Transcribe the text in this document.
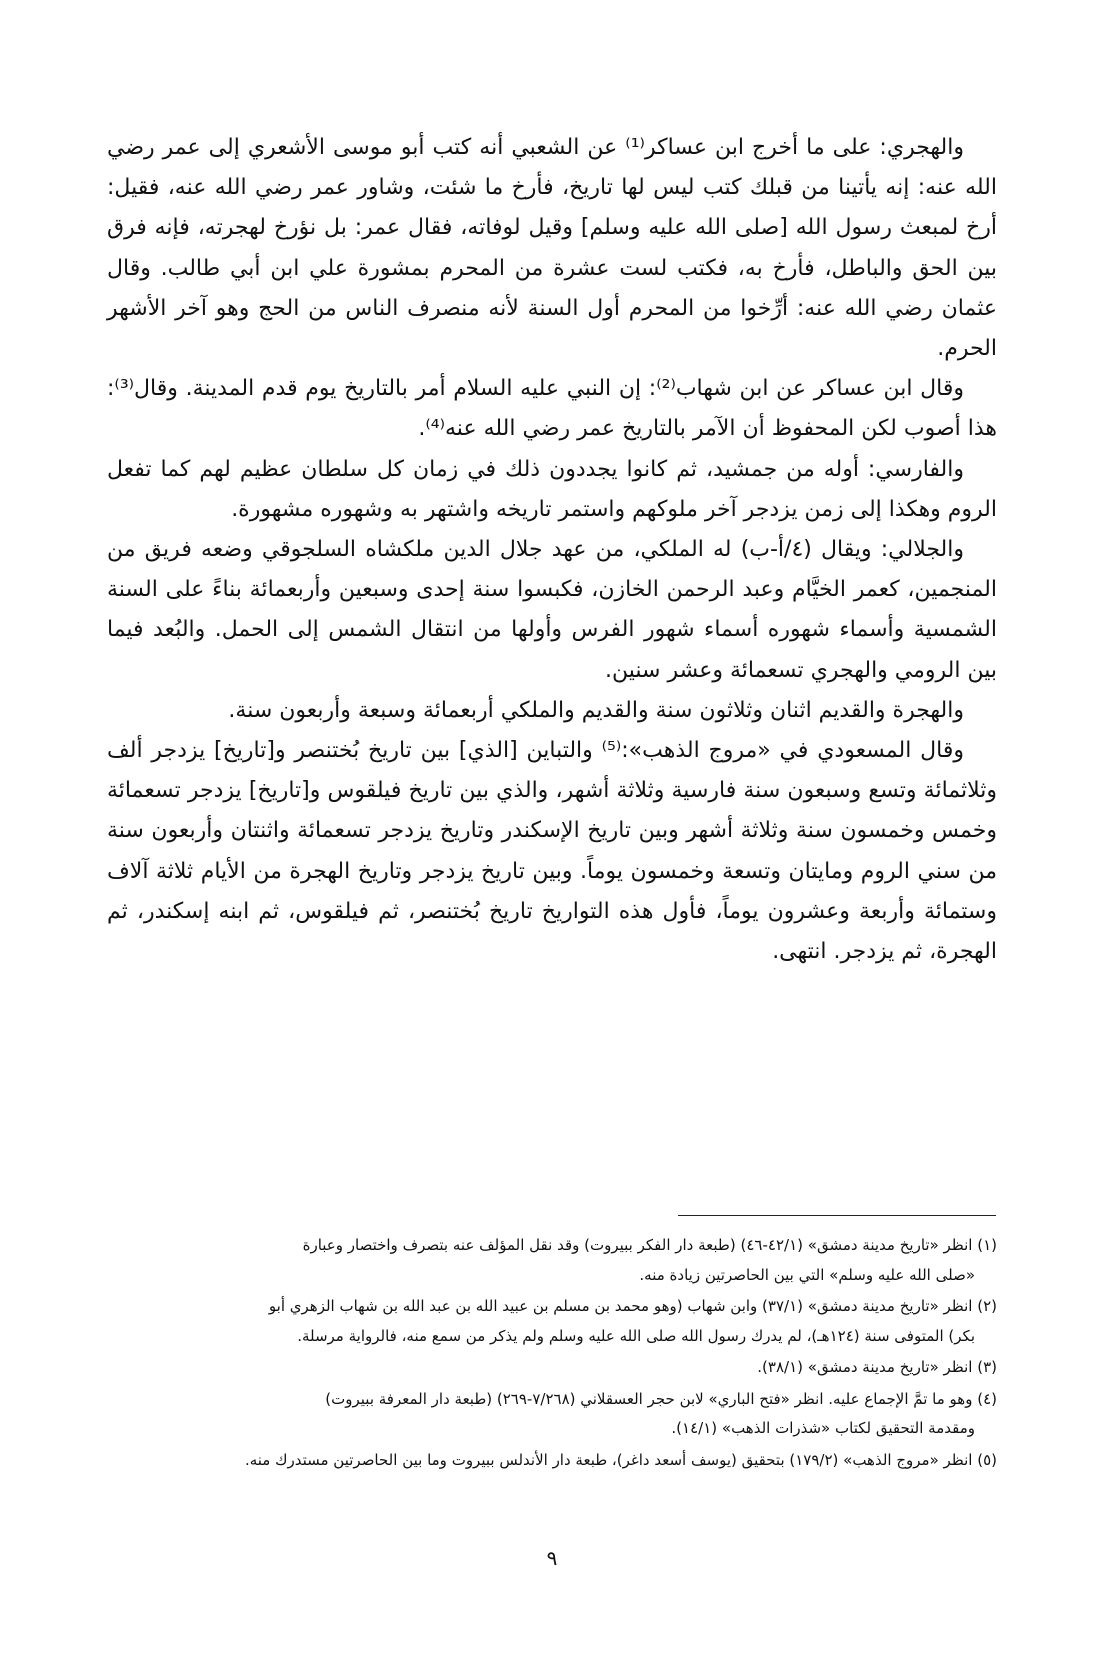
والهجري: على ما أخرج ابن عساكر⁽¹⁾ عن الشعبي أنه كتب أبو موسى الأشعري إلى عمر رضي الله عنه: إنه يأتينا من قبلك كتب ليس لها تاريخ، فأرخ ما شئت، وشاور عمر رضي الله عنه، فقيل: أرخ لمبعث رسول الله [صلى الله عليه وسلم] وقيل لوفاته، فقال عمر: بل نؤرخ لهجرته، فإنه فرق بين الحق والباطل، فأرخ به، فكتب لست عشرة من المحرم بمشورة علي ابن أبي طالب. وقال عثمان رضي الله عنه: أرِّخوا من المحرم أول السنة لأنه منصرف الناس من الحج وهو آخر الأشهر الحرم.

وقال ابن عساكر عن ابن شهاب⁽²⁾: إن النبي عليه السلام أمر بالتاريخ يوم قدم المدينة. وقال⁽³⁾: هذا أصوب لكن المحفوظ أن الآمر بالتاريخ عمر رضي الله عنه⁽⁴⁾.

والفارسي: أوله من جمشيد، ثم كانوا يجددون ذلك في زمان كل سلطان عظيم لهم كما تفعل الروم وهكذا إلى زمن يزدجر آخر ملوكهم واستمر تاريخه واشتهر به وشهوره مشهورة.

والجلالي: ويقال (٤/أ-ب) له الملكي، من عهد جلال الدين ملكشاه السلجوقي وضعه فريق من المنجمين، كعمر الخيَّام وعبد الرحمن الخازن، فكبسوا سنة إحدى وسبعين وأربعمائة بناءً على السنة الشمسية وأسماء شهوره أسماء شهور الفرس وأولها من انتقال الشمس إلى الحمل. والبُعد فيما بين الرومي والهجري تسعمائة وعشر سنين.

والهجرة والقديم اثنان وثلاثون سنة والقديم والملكي أربعمائة وسبعة وأربعون سنة.

وقال المسعودي في «مروج الذهب»:⁽⁵⁾ والتباين [الذي] بين تاريخ بُختنصر و[تاريخ] يزدجر ألف وثلاثمائة وتسع وسبعون سنة فارسية وثلاثة أشهر، والذي بين تاريخ فيلقوس و[تاريخ] يزدجر تسعمائة وخمس وخمسون سنة وثلاثة أشهر وبين تاريخ الإسكندر وتاريخ يزدجر تسعمائة واثنتان وأربعون سنة من سني الروم ومايتان وتسعة وخمسون يوماً. وبين تاريخ يزدجر وتاريخ الهجرة من الأيام ثلاثة آلاف وستمائة وأربعة وعشرون يوماً، فأول هذه التواريخ تاريخ بُختنصر، ثم فيلقوس، ثم ابنه إسكندر، ثم الهجرة، ثم يزدجر. انتهى.

(١) انظر «تاريخ مدينة دمشق» (٤٢/١-٤٦) (طبعة دار الفكر ببيروت) وقد نقل المؤلف عنه بتصرف واختصار وعبارة
«صلى الله عليه وسلم» التي بين الحاصرتين زيادة منه.
(٢) انظر «تاريخ مدينة دمشق» (٣٧/١) وابن شهاب (وهو محمد بن مسلم بن عبيد الله بن عبد الله بن شهاب الزهري أبو
بكر) المتوفى سنة (١٢٤هـ)، لم يدرك رسول الله صلى الله عليه وسلم ولم يذكر من سمع منه، فالرواية مرسلة.
(٣) انظر «تاريخ مدينة دمشق» (٣٨/١).
(٤) وهو ما تمَّ الإجماع عليه. انظر «فتح الباري» لابن حجر العسقلاني (٧/٢٦٨-٢٦٩) (طبعة دار المعرفة ببيروت)
ومقدمة التحقيق لكتاب «شذرات الذهب» (١٤/١).
(٥) انظر «مروج الذهب» (١٧٩/٢) بتحقيق (يوسف أسعد داغر)، طبعة دار الأندلس ببيروت وما بين الحاصرتين مستدرك منه.
٩
